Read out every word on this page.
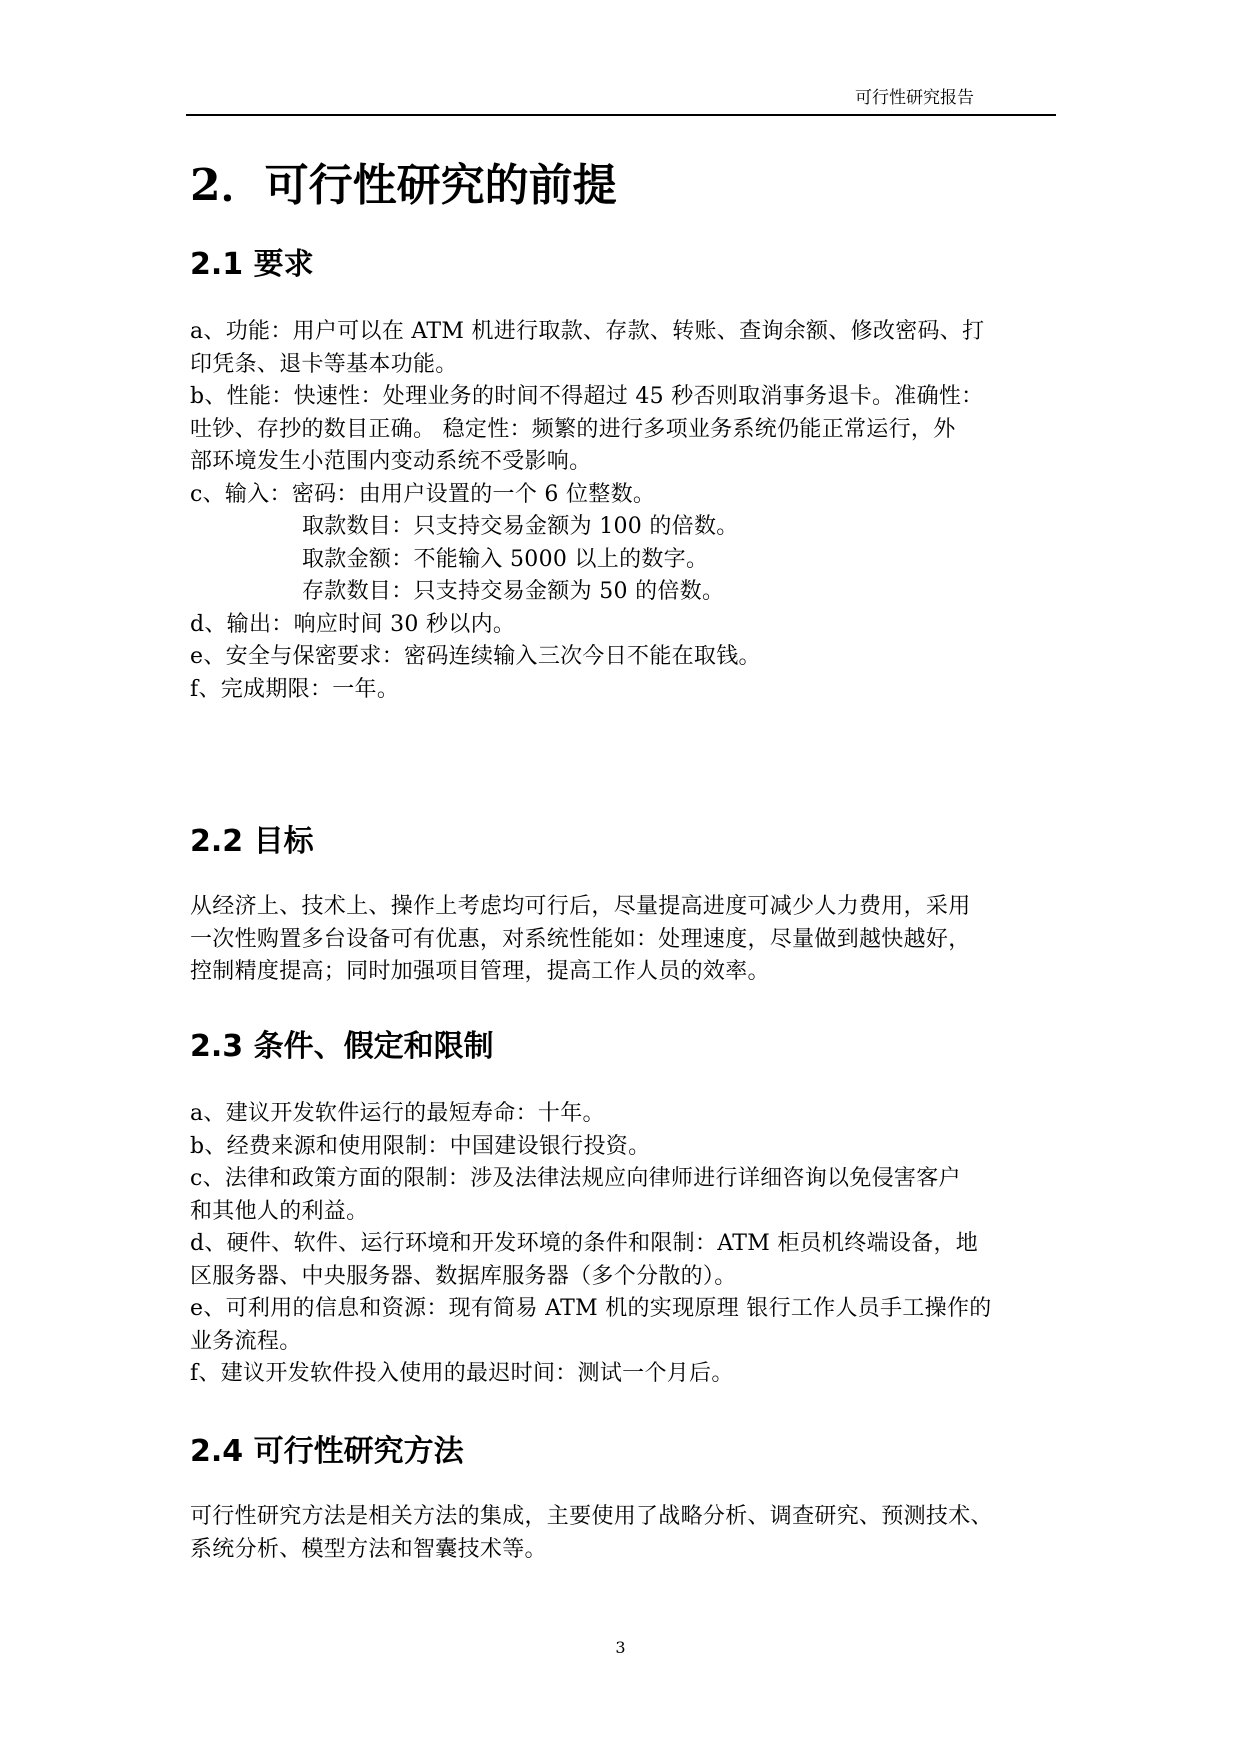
可行性研究报告
2．可行性研究的前提
2.1 要求

a、功能：用户可以在 ATM 机进行取款、存款、转账、查询余额、修改密码、打

印凭条、退卡等基本功能。

b、性能：快速性：处理业务的时间不得超过 45 秒否则取消事务退卡。准确性：

吐钞、存抄的数目正确。 稳定性：频繁的进行多项业务系统仍能正常运行，外

部环境发生小范围内变动系统不受影响。

c、输入：密码：由用户设置的一个 6 位整数。

取款数目：只支持交易金额为 100 的倍数。

取款金额：不能输入 5000 以上的数字。

存款数目：只支持交易金额为 50 的倍数。

d、输出：响应时间 30 秒以内。

e、安全与保密要求：密码连续输入三次今日不能在取钱。

f、完成期限：一年。

2.2 目标

从经济上、技术上、操作上考虑均可行后，尽量提高进度可减少人力费用，采用

一次性购置多台设备可有优惠，对系统性能如：处理速度，尽量做到越快越好，

控制精度提高；同时加强项目管理，提高工作人员的效率。

2.3 条件、假定和限制

a、建议开发软件运行的最短寿命：十年。

b、经费来源和使用限制：中国建设银行投资。

c、法律和政策方面的限制：涉及法律法规应向律师进行详细咨询以免侵害客户

和其他人的利益。

d、硬件、软件、运行环境和开发环境的条件和限制：ATM 柜员机终端设备，地

区服务器、中央服务器、数据库服务器（多个分散的）。

e、可利用的信息和资源：现有简易 ATM 机的实现原理 银行工作人员手工操作的

业务流程。

f、建议开发软件投入使用的最迟时间：测试一个月后。

2.4 可行性研究方法

可行性研究方法是相关方法的集成，主要使用了战略分析、调查研究、预测技术、

系统分析、模型方法和智囊技术等。

3
